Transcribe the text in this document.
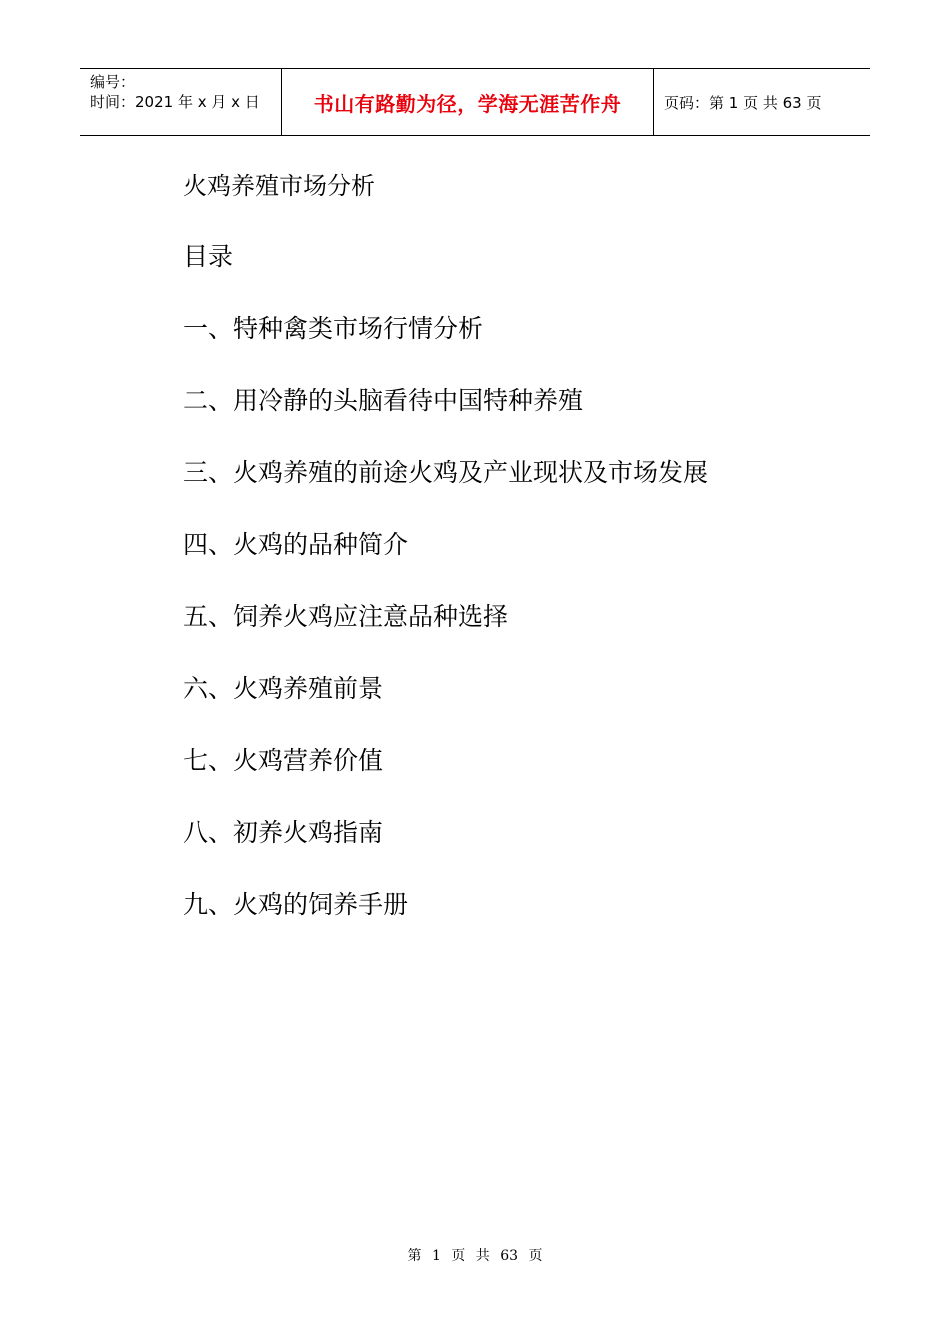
编号：
时间：2021 年 x 月 x 日	书山有路勤为径，学海无涯苦作舟	页码：第 1 页 共 63 页
火鸡养殖市场分析
目录
一、特种禽类市场行情分析
二、用冷静的头脑看待中国特种养殖
三、火鸡养殖的前途火鸡及产业现状及市场发展
四、火鸡的品种简介
五、饲养火鸡应注意品种选择
六、火鸡养殖前景
七、火鸡营养价值
八、初养火鸡指南
九、火鸡的饲养手册
第 1 页 共 63 页
